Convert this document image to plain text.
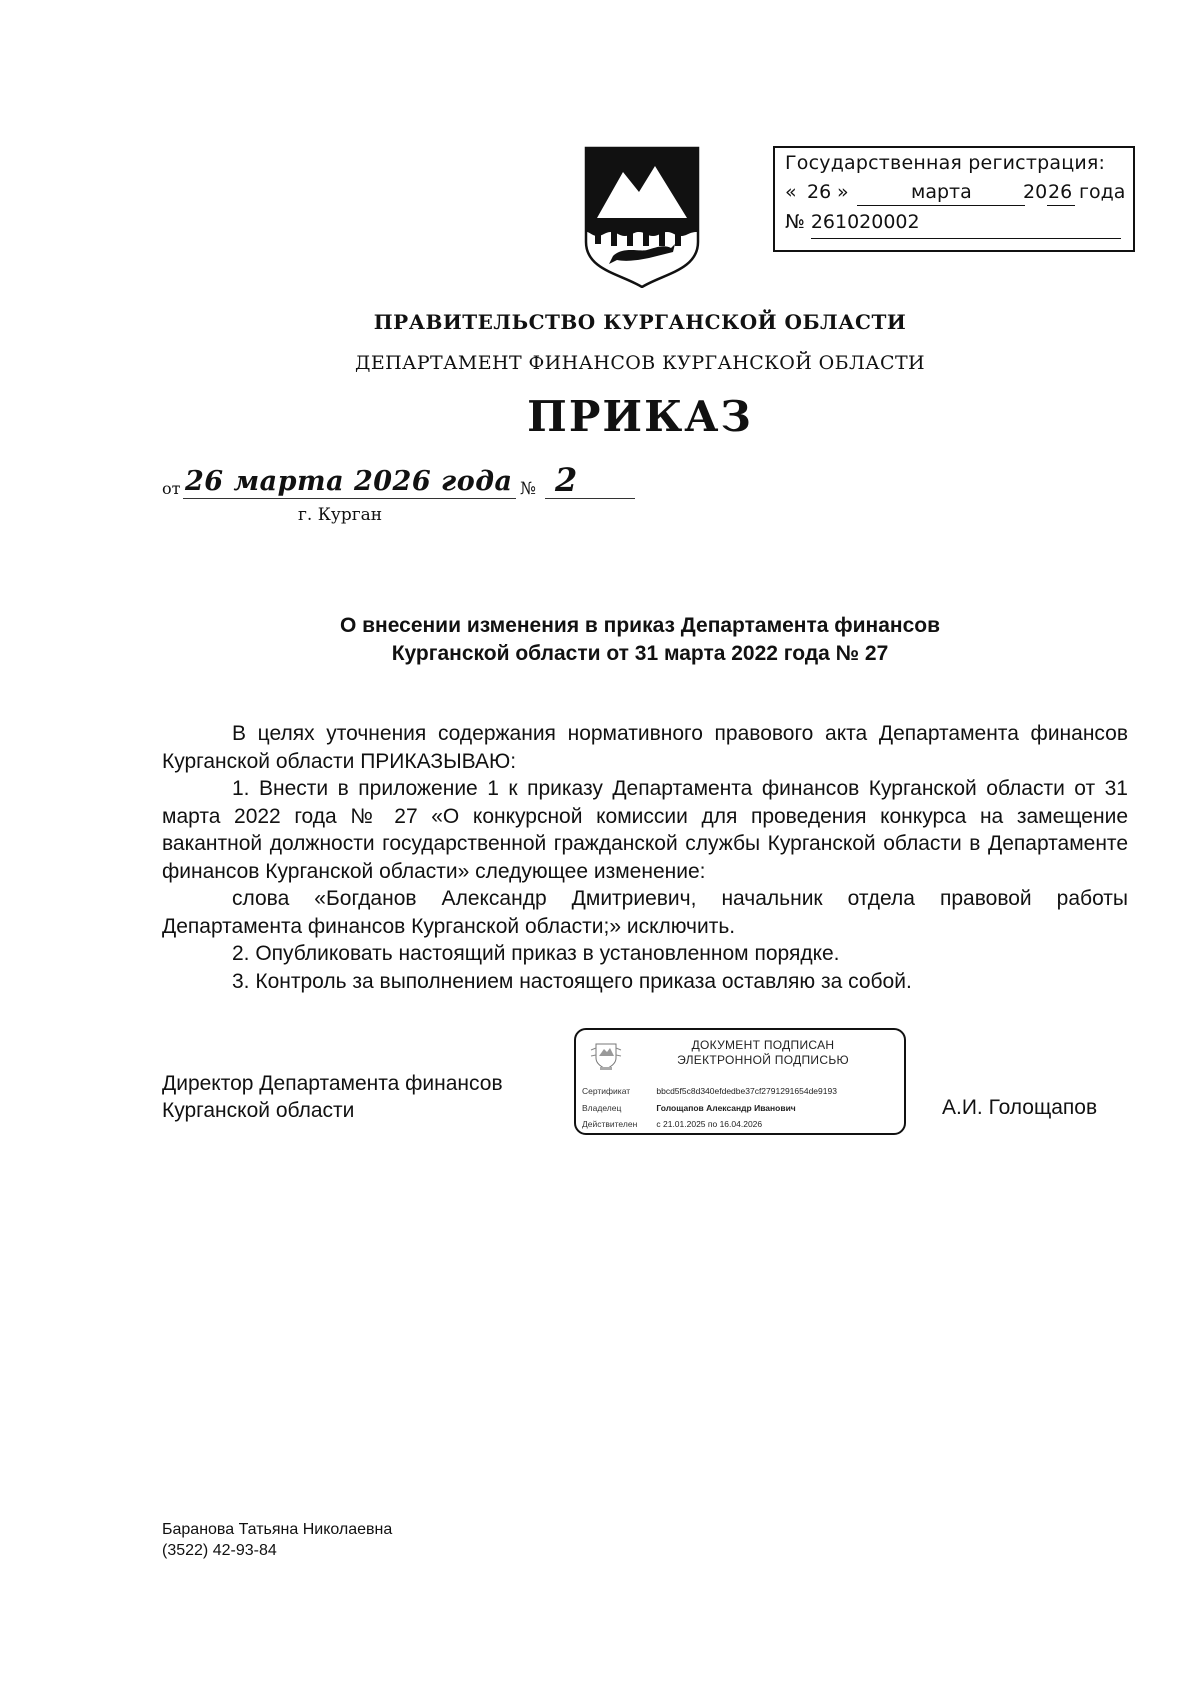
Государственная регистрация:
« 26 »	марта	20 26 года
№ 261020002
ПРАВИТЕЛЬСТВО КУРГАНСКОЙ ОБЛАСТИ
ДЕПАРТАМЕНТ ФИНАНСОВ КУРГАНСКОЙ ОБЛАСТИ
ПРИКАЗ
от 26 марта 2026 года № 2
г. Курган
О внесении изменения в приказ Департамента финансов
Курганской области от 31 марта 2022 года № 27

В целях уточнения содержания нормативного правового акта Департамента финансов Курганской области ПРИКАЗЫВАЮ:

1. Внести в приложение 1 к приказу Департамента финансов Курганской области от 31 марта 2022 года № 27 «О конкурсной комиссии для проведения конкурса на замещение вакантной должности государственной гражданской службы Курганской области в Департаменте финансов Курганской области» следующее изменение:

слова «Богданов Александр Дмитриевич, начальник отдела правовой работы Департамента финансов Курганской области;» исключить.

2. Опубликовать настоящий приказ в установленном порядке.

3. Контроль за выполнением настоящего приказа оставляю за собой.

Директор Департамента финансов
Курганской области
ДОКУМЕНТ ПОДПИСАН
ЭЛЕКТРОННОЙ ПОДПИСЬЮ
Сертификат	bbcd5f5c8d340efdedbe37cf2791291654de9193
Владелец	Голощапов Александр Иванович
Действителен с 21.01.2025 по 16.04.2026
А.И. Голощапов
Баранова Татьяна Николаевна
(3522) 42-93-84
